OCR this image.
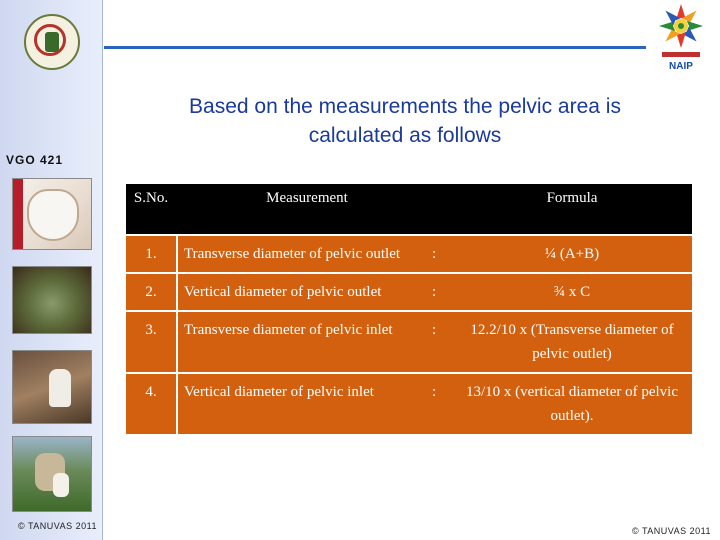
NAIP
VGO 421
Based on the measurements the pelvic area is calculated as follows
S.No.	Measurement		Formula

1.	Transverse diameter of pelvic outlet	:	¼ (A+B)

2.	Vertical diameter of pelvic outlet	:	¾ x C

3.	Transverse diameter of pelvic inlet	:	12.2/10 x (Transverse diameter of pelvic outlet)

4.	Vertical diameter of pelvic inlet	:	13/10 x (vertical diameter of pelvic outlet).
© TANUVAS 2011	© TANUVAS 2011
